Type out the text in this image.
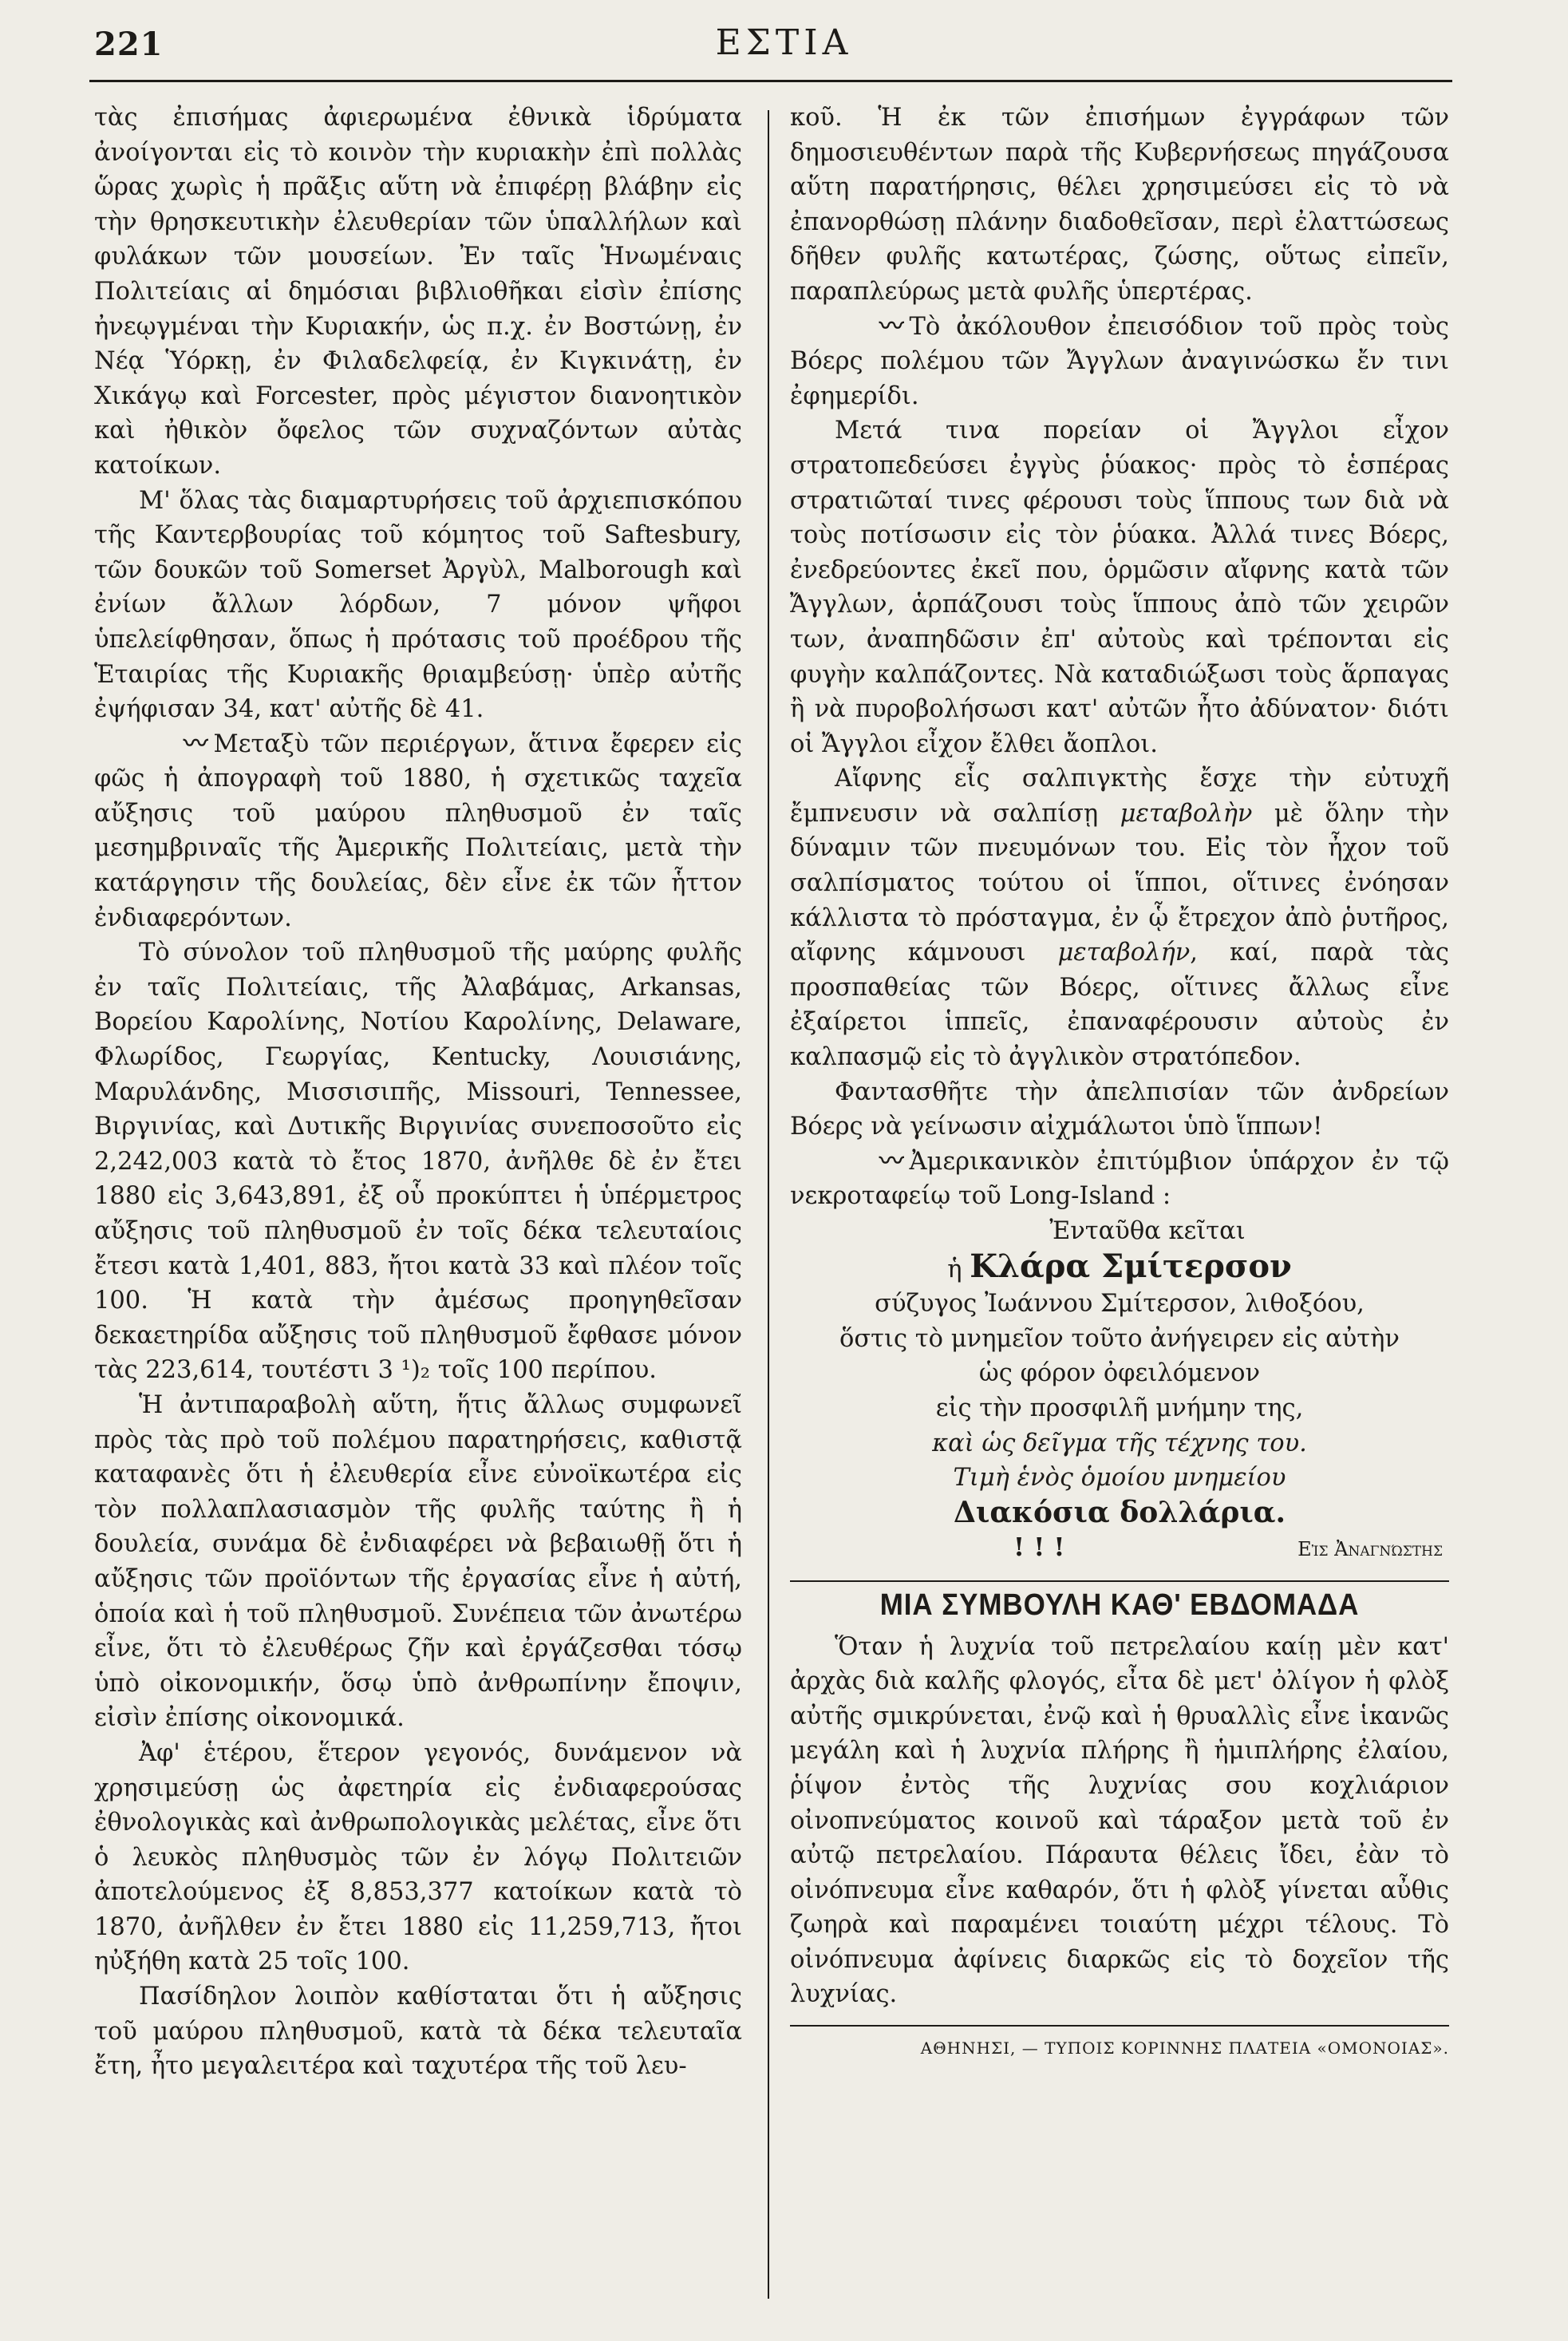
221	ΕΣΤΙΑ

τὰς ἐπισήμας ἀφιερωμένα ἐθνικὰ ἱδρύματα ἀνοίγονται εἰς τὸ κοινὸν τὴν κυριακὴν ἐπὶ πολλὰς ὥρας χωρὶς ἡ πρᾶξις αὕτη νὰ ἐπιφέρῃ βλάβην εἰς τὴν θρησκευτικὴν ἐλευθερίαν τῶν ὑπαλλήλων καὶ φυλάκων τῶν μουσείων. Ἐν ταῖς Ἡνωμέναις Πολιτείαις αἱ δημόσιαι βιβλιοθῆκαι εἰσὶν ἐπίσης ἠνεῳγμέναι τὴν Κυριακήν, ὡς π.χ. ἐν Βοστώνῃ, ἐν Νέᾳ Ὑόρκῃ, ἐν Φιλαδελφείᾳ, ἐν Κιγκινάτῃ, ἐν Χικάγῳ καὶ Forcester, πρὸς μέγιστον διανοητικὸν καὶ ἠθικὸν ὄφελος τῶν συχναζόντων αὐτὰς κατοίκων.

Μ' ὅλας τὰς διαμαρτυρήσεις τοῦ ἀρχιεπισκόπου τῆς Καντερβουρίας τοῦ κόμητος τοῦ Saftesbury, τῶν δουκῶν τοῦ Somerset Ἀργὺλ, Malborough καὶ ἐνίων ἄλλων λόρδων, 7 μόνον ψῆφοι ὑπελείφθησαν, ὅπως ἡ πρότασις τοῦ προέδρου τῆς Ἑταιρίας τῆς Κυριακῆς θριαμβεύσῃ· ὑπὲρ αὐτῆς ἐψήφισαν 34, κατ' αὐτῆς δὲ 41.

〰 Μεταξὺ τῶν περιέργων, ἅτινα ἔφερεν εἰς φῶς ἡ ἀπογραφὴ τοῦ 1880, ἡ σχετικῶς ταχεῖα αὔξησις τοῦ μαύρου πληθυσμοῦ ἐν ταῖς μεσημβριναῖς τῆς Ἀμερικῆς Πολιτείαις, μετὰ τὴν κατάργησιν τῆς δουλείας, δὲν εἶνε ἐκ τῶν ἧττον ἐνδιαφερόντων.

Τὸ σύνολον τοῦ πληθυσμοῦ τῆς μαύρης φυλῆς ἐν ταῖς Πολιτείαις, τῆς Ἀλαβάμας, Arkansas, Βορείου Καρολίνης, Νοτίου Καρολίνης, Delaware, Φλωρίδος, Γεωργίας, Kentucky, Λουισιάνης, Μαρυλάνδης, Μισσισιπῆς, Missouri, Tennessee, Βιργινίας, καὶ Δυτικῆς Βιργινίας συνεποσοῦτο εἰς 2,242,003 κατὰ τὸ ἔτος 1870, ἀνῆλθε δὲ ἐν ἔτει 1880 εἰς 3,643,891, ἐξ οὗ προκύπτει ἡ ὑπέρμετρος αὔξησις τοῦ πληθυσμοῦ ἐν τοῖς δέκα τελευταίοις ἔτεσι κατὰ 1,401, 883, ἤτοι κατὰ 33 καὶ πλέον τοῖς 100. Ἡ κατὰ τὴν ἀμέσως προηγηθεῖσαν δεκαετηρίδα αὔξησις τοῦ πληθυσμοῦ ἔφθασε μόνον τὰς 223,614, τουτέστι 3 ¹)₂ τοῖς 100 περίπου.

Ἡ ἀντιπαραβολὴ αὕτη, ἥτις ἄλλως συμφωνεῖ πρὸς τὰς πρὸ τοῦ πολέμου παρατηρήσεις, καθιστᾷ καταφανὲς ὅτι ἡ ἐλευθερία εἶνε εὐνοϊκωτέρα εἰς τὸν πολλαπλασιασμὸν τῆς φυλῆς ταύτης ἢ ἡ δουλεία, συνάμα δὲ ἐνδιαφέρει νὰ βεβαιωθῇ ὅτι ἡ αὔξησις τῶν προϊόντων τῆς ἐργασίας εἶνε ἡ αὐτή, ὁποία καὶ ἡ τοῦ πληθυσμοῦ. Συνέπεια τῶν ἀνωτέρω εἶνε, ὅτι τὸ ἐλευθέρως ζῆν καὶ ἐργάζεσθαι τόσῳ ὑπὸ οἰκονομικήν, ὅσῳ ὑπὸ ἀνθρωπίνην ἔποψιν, εἰσὶν ἐπίσης οἰκονομικά.

Ἀφ' ἑτέρου, ἕτερον γεγονός, δυνάμενον νὰ χρησιμεύσῃ ὡς ἀφετηρία εἰς ἐνδιαφερούσας ἐθνολογικὰς καὶ ἀνθρωπολογικὰς μελέτας, εἶνε ὅτι ὁ λευκὸς πληθυσμὸς τῶν ἐν λόγῳ Πολιτειῶν ἀποτελούμενος ἐξ 8,853,377 κατοίκων κατὰ τὸ 1870, ἀνῆλθεν ἐν ἔτει 1880 εἰς 11,259,713, ἤτοι ηὐξήθη κατὰ 25 τοῖς 100.

Πασίδηλον λοιπὸν καθίσταται ὅτι ἡ αὔξησις τοῦ μαύρου πληθυσμοῦ, κατὰ τὰ δέκα τελευταῖα ἔτη, ἦτο μεγαλειτέρα καὶ ταχυτέρα τῆς τοῦ λευ-

κοῦ. Ἡ ἐκ τῶν ἐπισήμων ἐγγράφων τῶν δημοσιευθέντων παρὰ τῆς Κυβερνήσεως πηγάζουσα αὕτη παρατήρησις, θέλει χρησιμεύσει εἰς τὸ νὰ ἐπανορθώσῃ πλάνην διαδοθεῖσαν, περὶ ἐλαττώσεως δῆθεν φυλῆς κατωτέρας, ζώσης, οὕτως εἰπεῖν, παραπλεύρως μετὰ φυλῆς ὑπερτέρας.

〰 Τὸ ἀκόλουθον ἐπεισόδιον τοῦ πρὸς τοὺς Βόερς πολέμου τῶν Ἄγγλων ἀναγινώσκω ἔν τινι ἐφημερίδι.

Μετά τινα πορείαν οἱ Ἄγγλοι εἶχον στρατοπεδεύσει ἐγγὺς ῥύακος· πρὸς τὸ ἑσπέρας στρατιῶταί τινες φέρουσι τοὺς ἵππους των διὰ νὰ τοὺς ποτίσωσιν εἰς τὸν ῥύακα. Ἀλλά τινες Βόερς, ἐνεδρεύοντες ἐκεῖ που, ὁρμῶσιν αἴφνης κατὰ τῶν Ἄγγλων, ἁρπάζουσι τοὺς ἵππους ἀπὸ τῶν χειρῶν των, ἀναπηδῶσιν ἐπ' αὐτοὺς καὶ τρέπονται εἰς φυγὴν καλπάζοντες. Νὰ καταδιώξωσι τοὺς ἅρπαγας ἢ νὰ πυροβολήσωσι κατ' αὐτῶν ἦτο ἀδύνατον· διότι οἱ Ἄγγλοι εἶχον ἔλθει ἄοπλοι.

Αἴφνης εἷς σαλπιγκτὴς ἔσχε τὴν εὐτυχῆ ἔμπνευσιν νὰ σαλπίσῃ μεταβολὴν μὲ ὅλην τὴν δύναμιν τῶν πνευμόνων του. Εἰς τὸν ἦχον τοῦ σαλπίσματος τούτου οἱ ἵπποι, οἵτινες ἐνόησαν κάλλιστα τὸ πρόσταγμα, ἐν ᾧ ἔτρεχον ἀπὸ ῥυτῆρος, αἴφνης κάμνουσι μεταβολήν, καί, παρὰ τὰς προσπαθείας τῶν Βόερς, οἵτινες ἄλλως εἶνε ἐξαίρετοι ἱππεῖς, ἐπαναφέρουσιν αὐτοὺς ἐν καλπασμῷ εἰς τὸ ἀγγλικὸν στρατόπεδον.

Φαντασθῆτε τὴν ἀπελπισίαν τῶν ἀνδρείων Βόερς νὰ γείνωσιν αἰχμάλωτοι ὑπὸ ἵππων!

〰 Ἀμερικανικὸν ἐπιτύμβιον ὑπάρχον ἐν τῷ νεκροταφείῳ τοῦ Long-Island :

Ἐνταῦθα κεῖται

ἡ Κλάρα Σμίτερσον

σύζυγος Ἰωάννου Σμίτερσον, λιθοξόου,

ὅστις τὸ μνημεῖον τοῦτο ἀνήγειρεν εἰς αὐτὴν

ὡς φόρον ὀφειλόμενον

εἰς τὴν προσφιλῆ μνήμην της,

καὶ ὡς δεῖγμα τῆς τέχνης του.

Τιμὴ ἑνὸς ὁμοίου μνημείου

Διακόσια δολλάρια.

! ! !	Εἰς Ἀναγνώστης
ΜΙΑ ΣΥΜΒΟΥΛΗ ΚΑΘ' ΕΒΔΟΜΑΔΑ

Ὅταν ἡ λυχνία τοῦ πετρελαίου καίῃ μὲν κατ' ἀρχὰς διὰ καλῆς φλογός, εἶτα δὲ μετ' ὀλίγον ἡ φλὸξ αὐτῆς σμικρύνεται, ἐνῷ καὶ ἡ θρυαλλὶς εἶνε ἱκανῶς μεγάλη καὶ ἡ λυχνία πλήρης ἢ ἡμιπλήρης ἐλαίου, ῥίψον ἐντὸς τῆς λυχνίας σου κοχλιάριον οἰνοπνεύματος κοινοῦ καὶ τάραξον μετὰ τοῦ ἐν αὐτῷ πετρελαίου. Πάραυτα θέλεις ἴδει, ἐὰν τὸ οἰνόπνευμα εἶνε καθαρόν, ὅτι ἡ φλὸξ γίνεται αὖθις ζωηρὰ καὶ παραμένει τοιαύτη μέχρι τέλους. Τὸ οἰνόπνευμα ἀφίνεις διαρκῶς εἰς τὸ δοχεῖον τῆς λυχνίας.

ΑΘΗΝΗΣΙ, — ΤΥΠΟΙΣ ΚΟΡΙΝΝΗΣ ΠΛΑΤΕΙΑ «ΟΜΟΝΟΙΑΣ».
